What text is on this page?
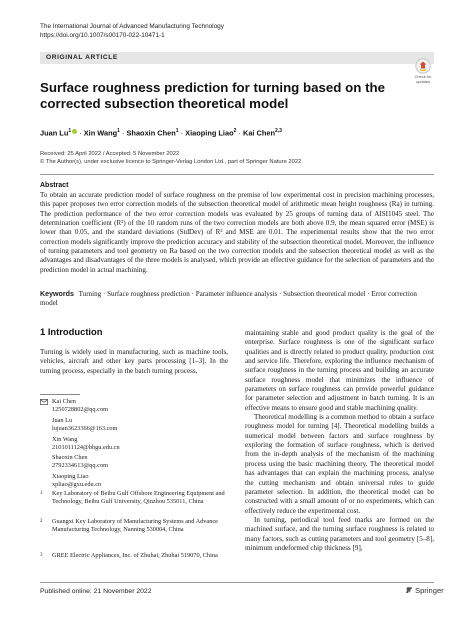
The International Journal of Advanced Manufacturing Technology
https://doi.org/10.1007/s00170-022-10471-1
ORIGINAL ARTICLE
Check for
updates
Surface roughness prediction for turning based on the corrected subsection theoretical model
Juan $Lu^1$ · Xin Wang$^1$ · Shaoxin Chen$^1$ · Xiaoping Liao$^2$ · Kai Chen$^{2,3}$
Received: 25 April 2022 / Accepted: 5 November 2022
© The Author(s), under exclusive licence to Springer-Verlag London Ltd., part of Springer Nature 2022
Abstract
To obtain an accurate prediction model of surface roughness on the premise of low experimental cost in precision machining processes, this paper proposes two error correction models of the subsection theoretical model of arithmetic mean height roughness (Ra) in turning. The prediction performance of the two error correction models was evaluated by 25 groups of turning data of AISI1045 steel. The determination coefficient (R²) of the 10 random runs of the two correction models are both above 0.9, the mean squared error (MSE) is lower than 0.05, and the standard deviations (StdDev) of R² and MSE are 0.01. The experimental results show that the two error correction models significantly improve the prediction accuracy and stability of the subsection theoretical model. Moreover, the influence of turning parameters and tool geometry on Ra based on the two correction models and the subsection theoretical model as well as the advantages and disadvantages of the three models is analysed, which provide an effective guidance for the selection of parameters and the prediction model in actual machining.
Keywords Turning · Surface roughness prediction · Parameter influence analysis · Subsection theoretical model · Error correction model
1 Introduction

Turning is widely used in manufacturing, such as machine tools, vehicles, aircraft and other key parts processing [1–3]. In the turning process, especially in the batch turning process,

Kai Chen
1250728802@qq.com
Juan Lu
lujuan3623366@163.com
Xin Wang
2101011124@bbgu.edu.cn
Shaoxin Chen
2792334613@qq.com
Xiaoping Liao
xpliao@gxu.edu.cn
1	Key Laboratory of Beibu Gulf Offshore Engineering Equipment and Technology, Beibu Gulf University, Qinzhou 535011, China
2	Guangxi Key Laboratory of Manufacturing Systems and Advance Manufacturing Technology, Nanning 530004, China
3	GREE Electric Appliances, Inc. of Zhuhai, Zhuhai 519070, China

maintaining stable and good product quality is the goal of the enterprise. Surface roughness is one of the significant surface qualities and is directly related to product quality, production cost and service life. Therefore, exploring the influence mechanism of surface roughness in the turning process and building an accurate surface roughness model that minimizes the influence of parameters on surface roughness can provide powerful guidance for parameter selection and adjustment in batch turning. It is an effective means to ensure good and stable machining quality.

Theoretical modelling is a common method to obtain a surface roughness model for turning [4]. Theoretical modelling builds a numerical model between factors and surface roughness by exploring the formation of surface roughness, which is derived from the in-depth analysis of the mechanism of the machining process using the basic machining theory. The theoretical model has advantages that can explain the machining process, analyse the cutting mechanism and obtain universal rules to guide parameter selection. In addition, the theoretical model can be constructed with a small amount of or no experiments, which can effectively reduce the experimental cost.

In turning, periodical tool feed marks are formed on the machined surface, and the turning surface roughness is related to many factors, such as cutting parameters and tool geometry [5–8], minimum undeformed chip thickness [9],

Published online: 21 November 2022	Springer
